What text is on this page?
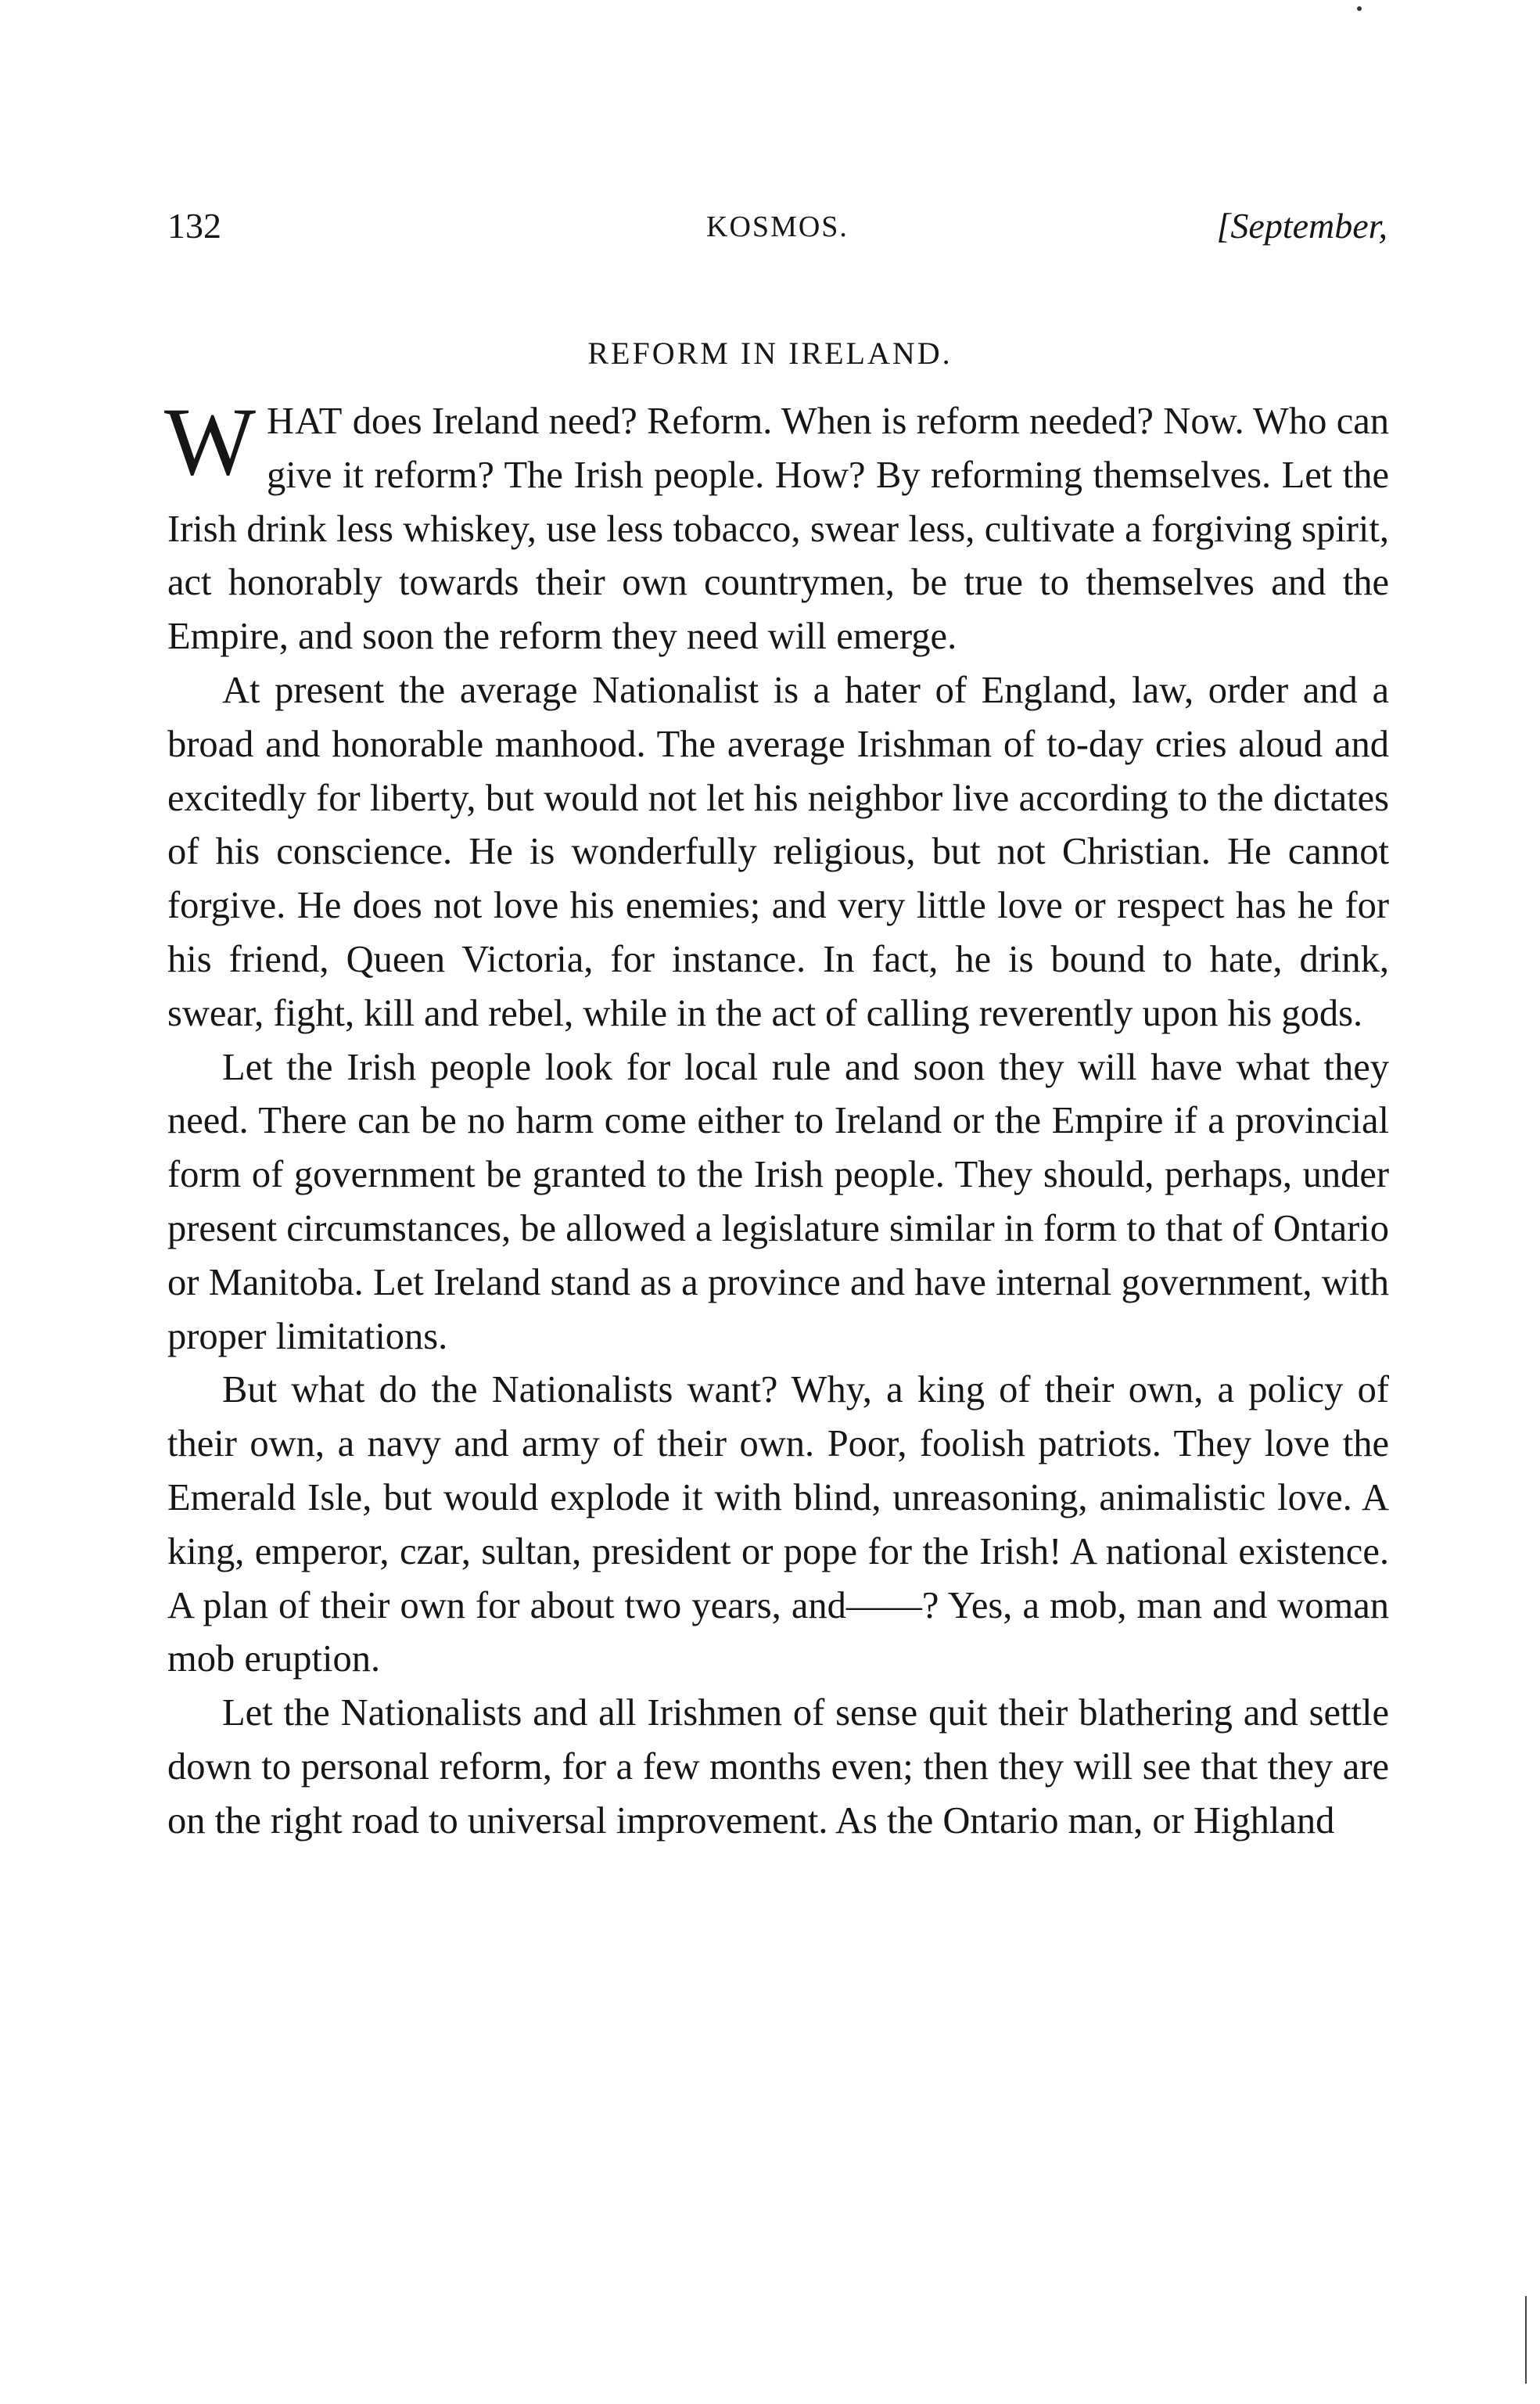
132	KOSMOS.	[September,
REFORM IN IRELAND.

WHAT does Ireland need? Reform. When is reform needed? Now. Who can give it reform? The Irish people. How? By reforming themselves. Let the Irish drink less whiskey, use less tobacco, swear less, cultivate a forgiving spirit, act honorably towards their own countrymen, be true to themselves and the Empire, and soon the reform they need will emerge.

At present the average Nationalist is a hater of England, law, order and a broad and honorable manhood. The average Irishman of to-day cries aloud and excitedly for liberty, but would not let his neighbor live according to the dictates of his conscience. He is wonderfully religious, but not Christian. He cannot forgive. He does not love his enemies; and very little love or respect has he for his friend, Queen Victoria, for instance. In fact, he is bound to hate, drink, swear, fight, kill and rebel, while in the act of calling reverently upon his gods.

Let the Irish people look for local rule and soon they will have what they need. There can be no harm come either to Ireland or the Empire if a provincial form of government be granted to the Irish people. They should, perhaps, under present circumstances, be allowed a legislature similar in form to that of Ontario or Manitoba. Let Ireland stand as a province and have internal government, with proper limitations.

But what do the Nationalists want? Why, a king of their own, a policy of their own, a navy and army of their own. Poor, foolish patriots. They love the Emerald Isle, but would explode it with blind, unreasoning, animalistic love. A king, emperor, czar, sultan, president or pope for the Irish! A national existence. A plan of their own for about two years, and——? Yes, a mob, man and woman mob eruption.

Let the Nationalists and all Irishmen of sense quit their blathering and settle down to personal reform, for a few months even; then they will see that they are on the right road to universal improvement. As the Ontario man, or Highland
